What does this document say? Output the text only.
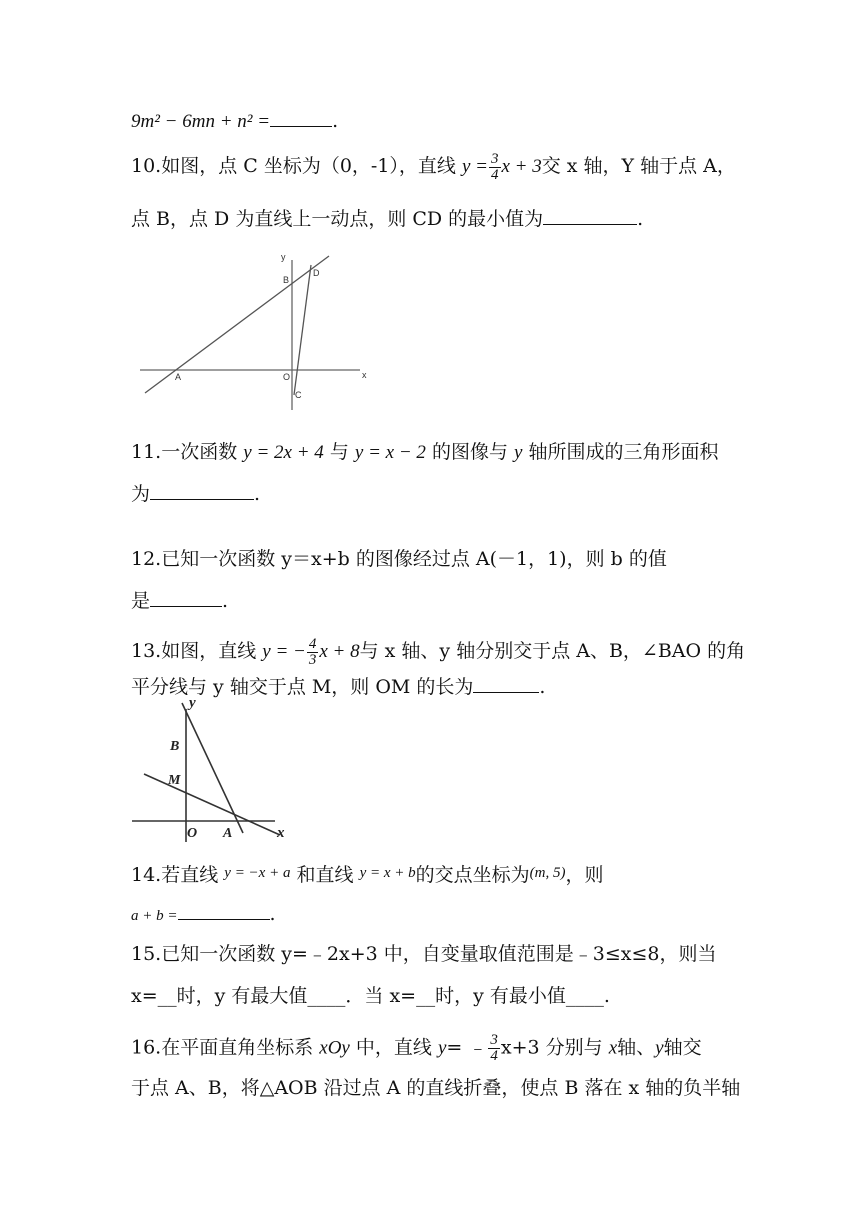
9m² − 6mn + n² =	.
10.如图，点 C 坐标为（0，-1），直线 $y = \frac{3}{4}$ x + 3交 x 轴，Y 轴于点 A，
点 B，点 D 为直线上一动点，则 CD 的最小值为	.
y
x
A
B
D
O
C
11.一次函数 y = 2x + 4 与 y = x − 2 的图像与 y 轴所围成的三角形面积
为	.
12.已知一次函数 y＝x+b 的图像经过点 A(－1，1)，则 b 的值
是	.
13.如图，直线 y = − $\frac{4}{3}$ x + 8与 x 轴、y 轴分别交于点 A、B，∠BAO 的角
平分线与 y 轴交于点 M，则 OM 的长为	.
y
x
B
M
O A
14.若直线 $^{y = -x + a}$ 和直线 $^{y = x + b}$的交点坐标为$^{(m, 5)}$，则
a + b =	.
15.已知一次函数 y=﹣2x+3 中，自变量取值范围是﹣3≤x≤8，则当
x=__时，y 有最大值____．当 x=__时，y 有最小值____.
16.在平面直角坐标系 xOy 中，直线 y= ﹣ $\frac{3}{4} x+3$ 分别与 x轴、y轴交
于点 A、B，将△AOB 沿过点 A 的直线折叠，使点 B 落在 x 轴的负半轴
